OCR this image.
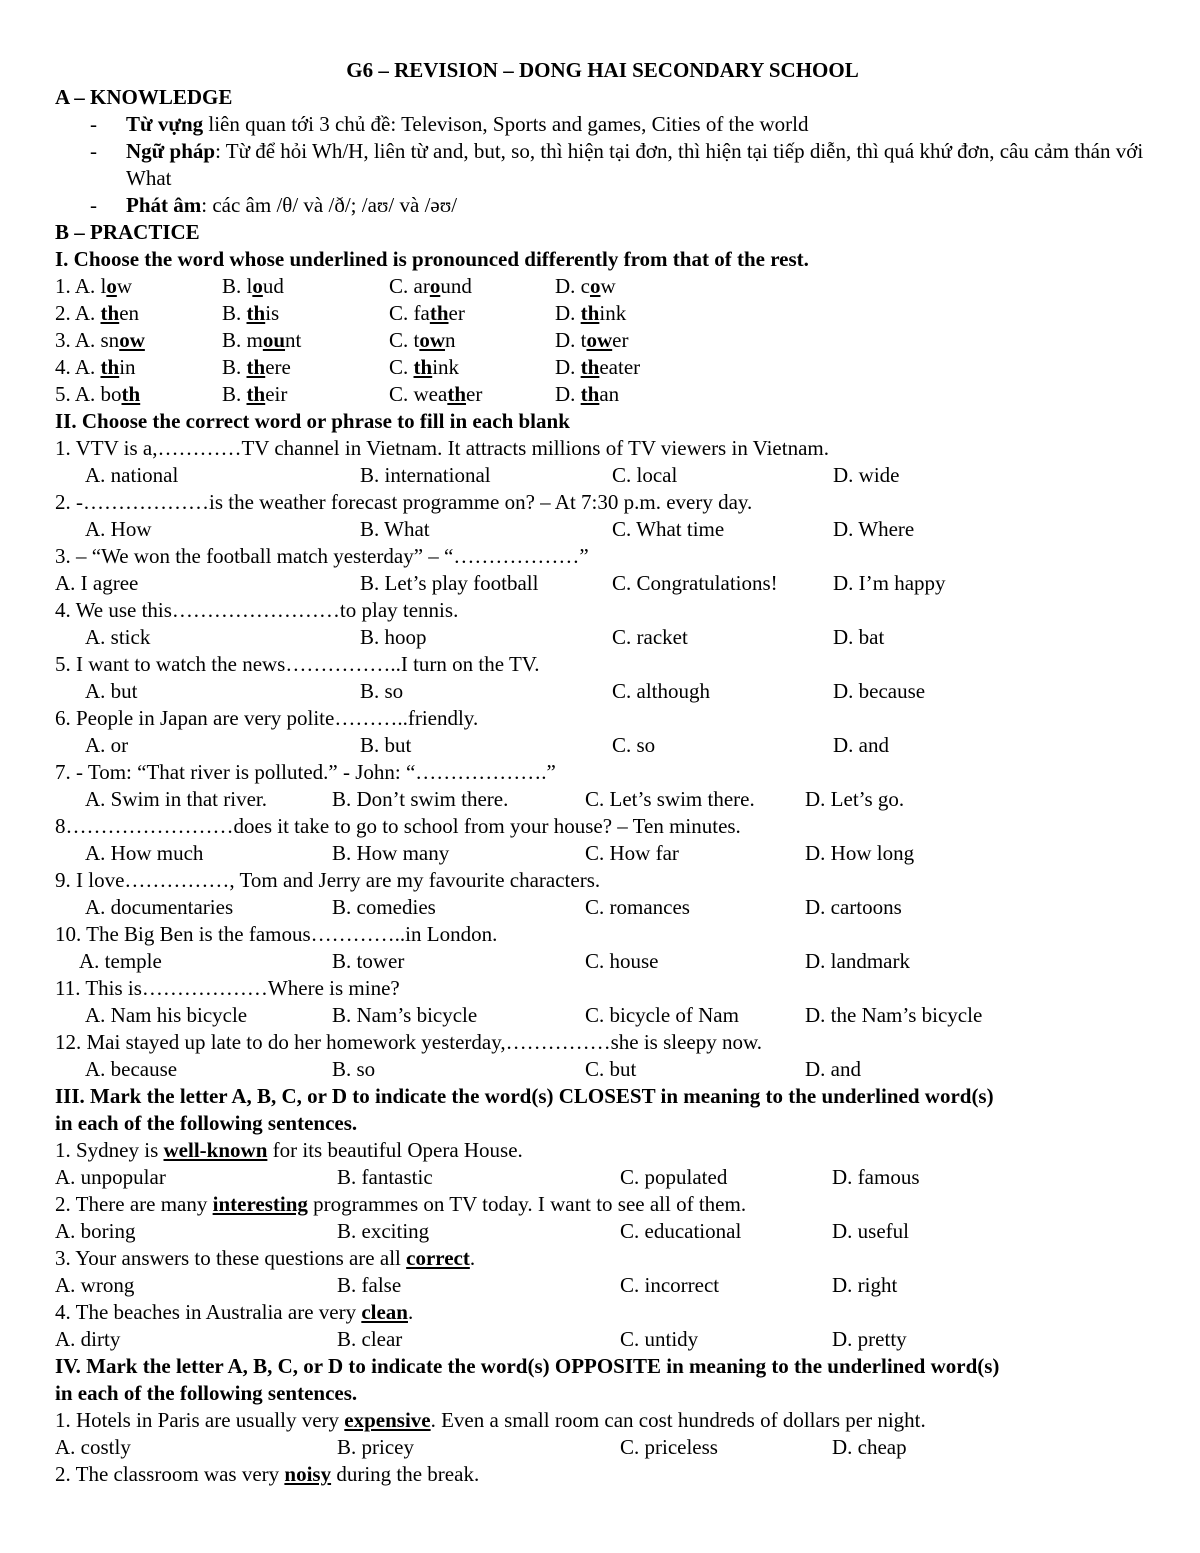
G6 – REVISION – DONG HAI SECONDARY SCHOOL
A – KNOWLEDGE
- Từ vựng liên quan tới 3 chủ đề: Televison, Sports and games, Cities of the world
- Ngữ pháp: Từ để hỏi Wh/H, liên từ and, but, so, thì hiện tại đơn, thì hiện tại tiếp diễn, thì quá khứ đơn, câu cảm thán với What
- Phát âm: các âm /θ/ và /ð/; /aʊ/ và /əʊ/
B – PRACTICE
I. Choose the word whose underlined is pronounced differently from that of the rest.
1. A. low	B. loud	C. around	D. cow
2. A. then	B. this	C. father	D. think
3. A. snow	B. mount	C. town	D. tower
4. A. thin	B. there	C. think	D. theater
5. A. both	B. their	C. weather	D. than
II. Choose the correct word or phrase to fill in each blank
1. VTV is a,…………TV channel in Vietnam. It attracts millions of TV viewers in Vietnam.
A. national	B. international	C. local	D. wide
2. -………………is the weather forecast programme on? – At 7:30 p.m. every day.
A. How	B. What	C. What time	D. Where
3. – “We won the football match yesterday” – “………………”
A. I agree	B. Let’s play football	C. Congratulations!	D. I’m happy
4. We use this……………………to play tennis.
A. stick	B. hoop	C. racket	D. bat
5. I want to watch the news……………..I turn on the TV.
A. but	B. so	C. although	D. because
6. People in Japan are very polite………..friendly.
A. or	B. but	C. so	D. and
7. - Tom: “That river is polluted.” - John: “……………….”
A. Swim in that river.	B. Don’t swim there.	C. Let’s swim there. D. Let’s go.
8……………………does it take to go to school from your house? – Ten minutes.
A. How much	B. How many	C. How far	D. How long
9. I love……………, Tom and Jerry are my favourite characters.
A. documentaries	B. comedies	C. romances	D. cartoons
10. The Big Ben is the famous…………..in London.
A. temple	B. tower	C. house	D. landmark
11. This is………………Where is mine?
A. Nam his bicycle	B. Nam’s bicycle	C. bicycle of Nam	D. the Nam’s bicycle
12. Mai stayed up late to do her homework yesterday,……………she is sleepy now.
A. because	B. so	C. but	D. and
III. Mark the letter A, B, C, or D to indicate the word(s) CLOSEST in meaning to the underlined word(s)
in each of the following sentences.
1. Sydney is well-known for its beautiful Opera House.
A. unpopular	B. fantastic	C. populated	D. famous
2. There are many interesting programmes on TV today. I want to see all of them.
A. boring	B. exciting	C. educational	D. useful
3. Your answers to these questions are all correct.
A. wrong	B. false	C. incorrect	D. right
4. The beaches in Australia are very clean.
A. dirty	B. clear	C. untidy	D. pretty
IV. Mark the letter A, B, C, or D to indicate the word(s) OPPOSITE in meaning to the underlined word(s)
in each of the following sentences.
1. Hotels in Paris are usually very expensive. Even a small room can cost hundreds of dollars per night.
A. costly	B. pricey	C. priceless	D. cheap
2. The classroom was very noisy during the break.
